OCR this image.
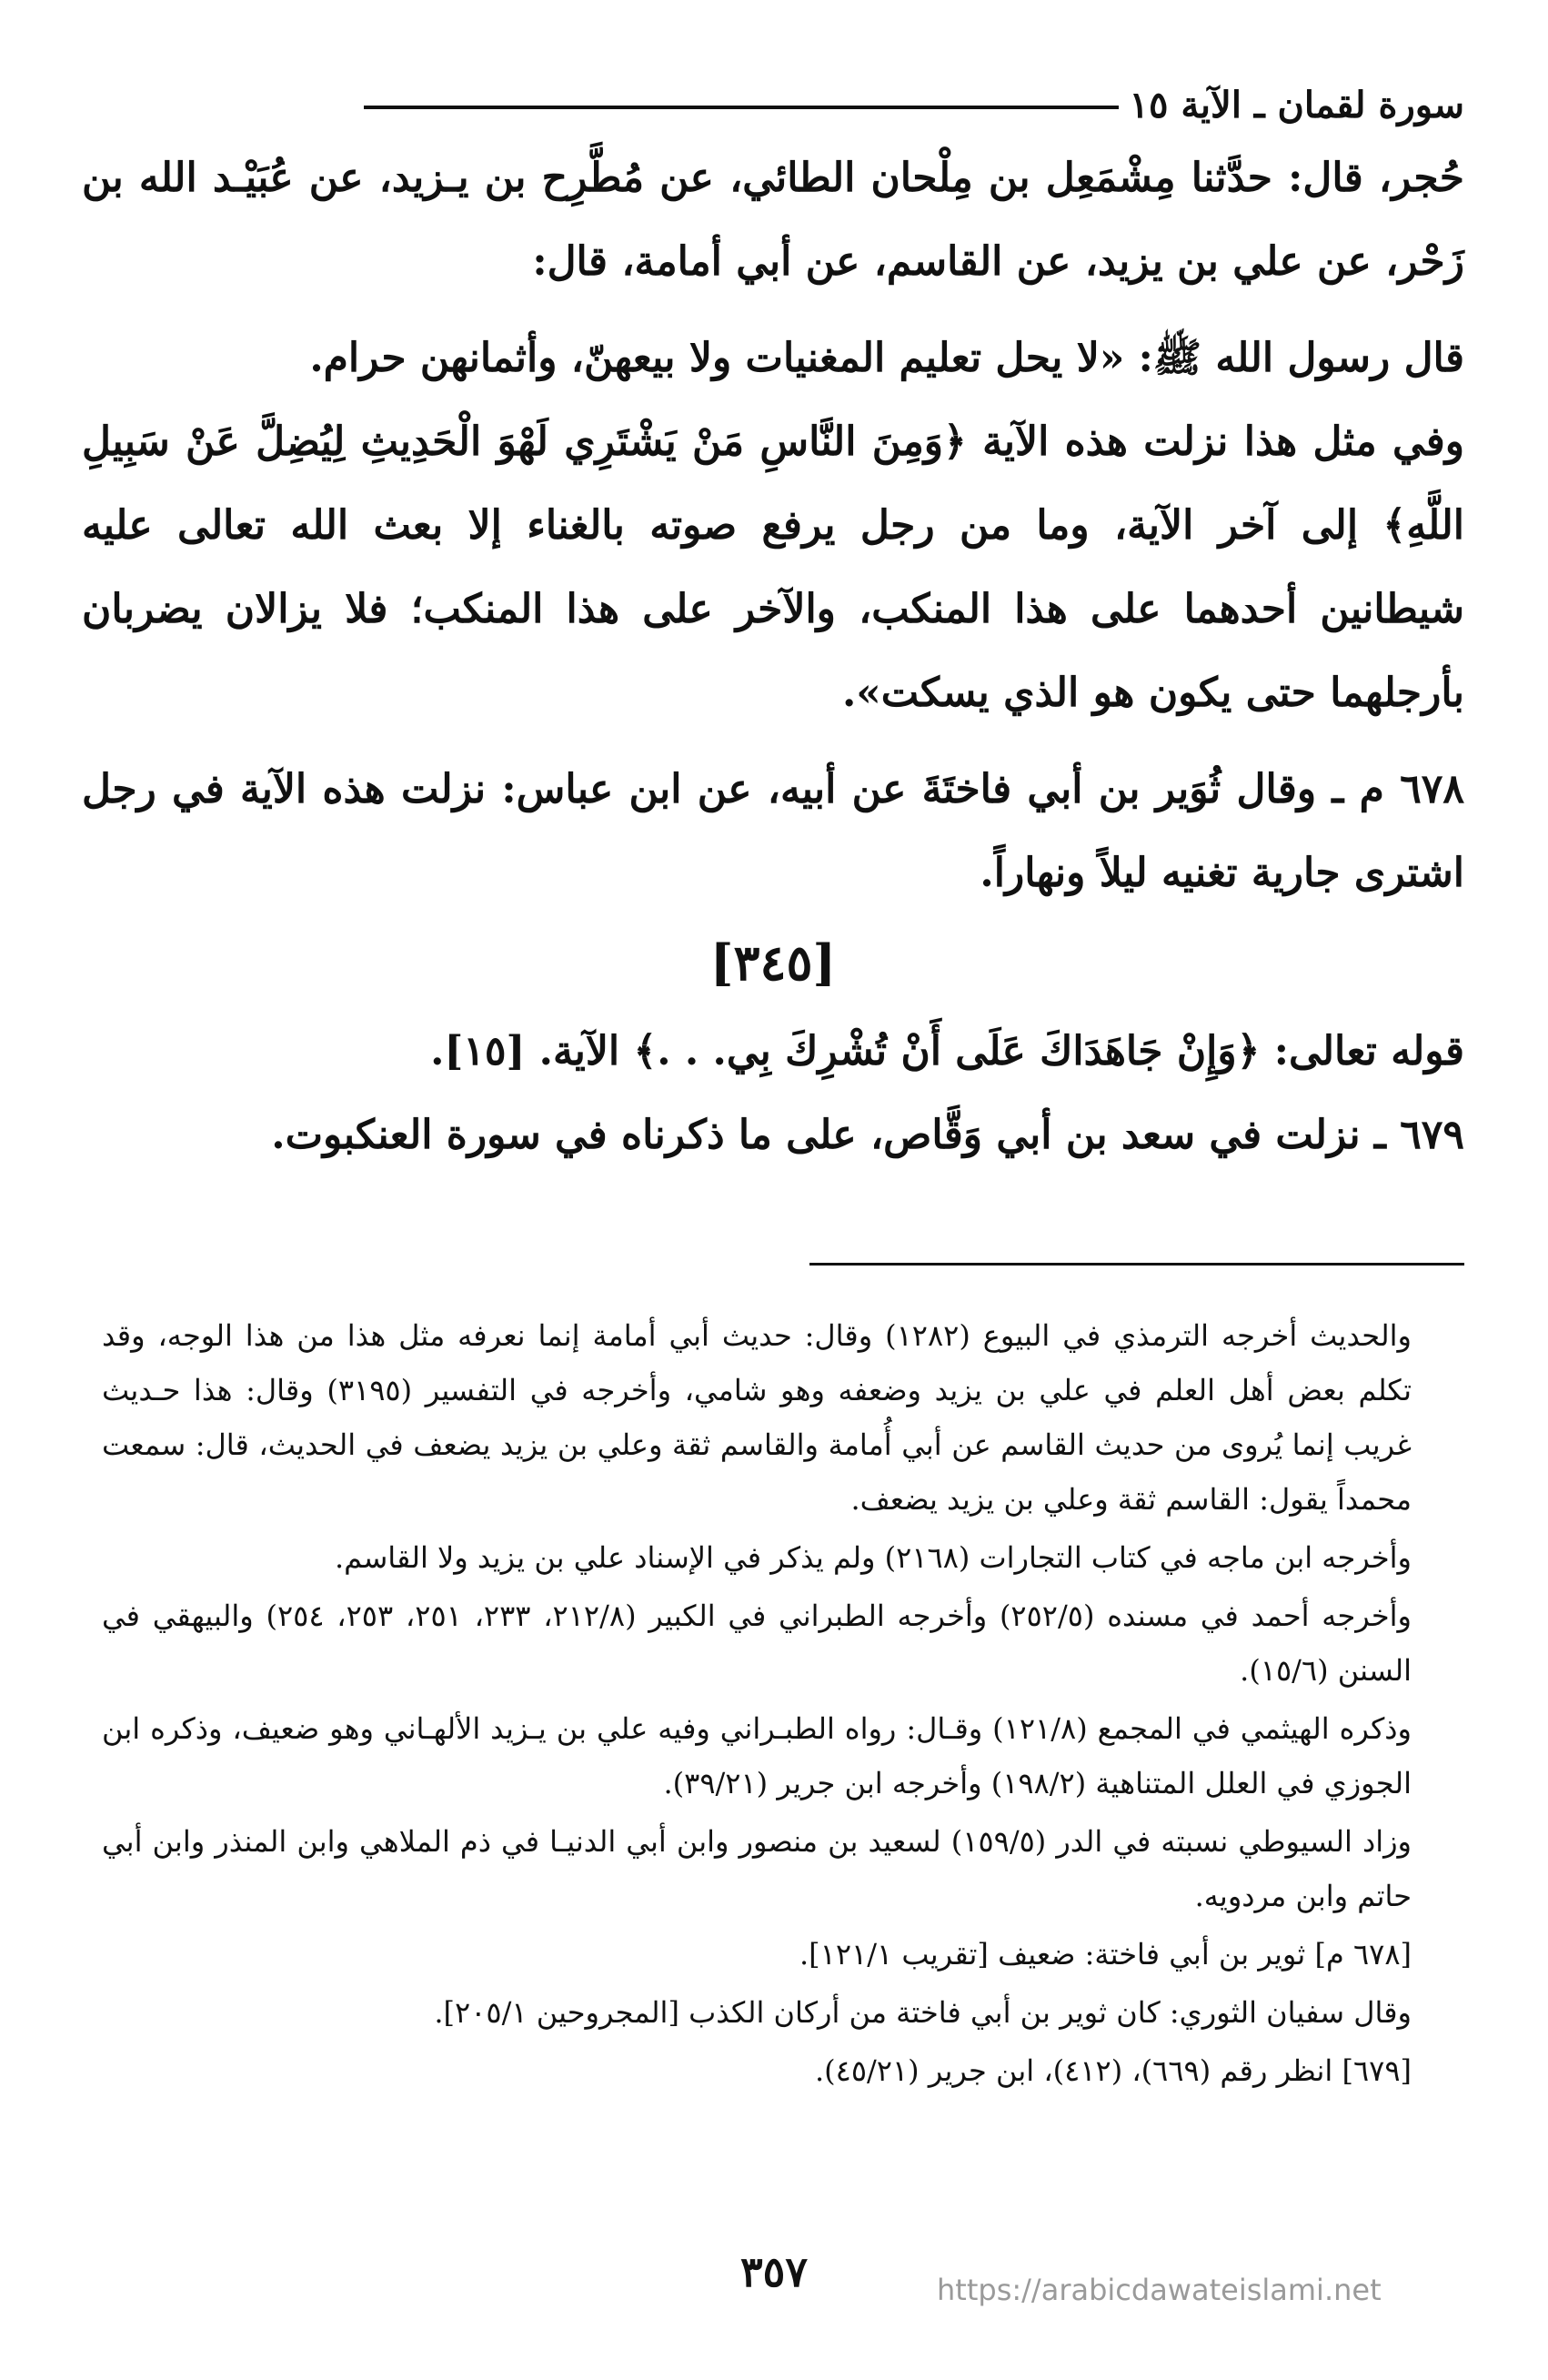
سورة لقمان ـ الآية ١٥

حُجر، قال: حدَّثنا مِشْمَعِل بن مِلْحان الطائي، عن مُطَّرِح بن يـزيد، عن عُبَيْـد الله بن زَحْر، عن علي بن يزيد، عن القاسم، عن أبي أمامة، قال:

قال رسول الله ﷺ: «لا يحل تعليم المغنيات ولا بيعهنّ، وأثمانهن حرام.

وفي مثل هذا نزلت هذه الآية ﴿وَمِنَ النَّاسِ مَنْ يَشْتَرِي لَهْوَ الْحَدِيثِ لِيُضِلَّ عَنْ سَبِيلِ اللَّهِ﴾ إلى آخر الآية، وما من رجل يرفع صوته بالغناء إلا بعث الله تعالى عليه شيطانين أحدهما على هذا المنكب، والآخر على هذا المنكب؛ فلا يزالان يضربان بأرجلهما حتى يكون هو الذي يسكت».

٦٧٨ م ـ وقال ثُوَير بن أبي فاختَةَ عن أبيه، عن ابن عباس: نزلت هذه الآية في رجل اشترى جارية تغنيه ليلاً ونهاراً.

[٣٤٥]

قوله تعالى: ﴿وَإِنْ جَاهَدَاكَ عَلَى أَنْ تُشْرِكَ بِي. . .﴾ الآية. [١٥].

٦٧٩ ـ نزلت في سعد بن أبي وَقَّاص، على ما ذكرناه في سورة العنكبوت.

والحديث أخرجه الترمذي في البيوع (١٢٨٢) وقال: حديث أبي أمامة إنما نعرفه مثل هذا من هذا الوجه، وقد تكلم بعض أهل العلم في علي بن يزيد وضعفه وهو شامي، وأخرجه في التفسير (٣١٩٥) وقال: هذا حـديث غريب إنما يُروى من حديث القاسم عن أبي أُمامة والقاسم ثقة وعلي بن يزيد يضعف في الحديث، قال: سمعت محمداً يقول: القاسم ثقة وعلي بن يزيد يضعف.

وأخرجه ابن ماجه في كتاب التجارات (٢١٦٨) ولم يذكر في الإسناد علي بن يزيد ولا القاسم.

وأخرجه أحمد في مسنده (٢٥٢/٥) وأخرجه الطبراني في الكبير (٢١٢/٨، ٢٣٣، ٢٥١، ٢٥٣، ٢٥٤) والبيهقي في السنن (١٥/٦).

وذكره الهيثمي في المجمع (١٢١/٨) وقـال: رواه الطبـراني وفيه علي بن يـزيد الألهـاني وهو ضعيف، وذكره ابن الجوزي في العلل المتناهية (١٩٨/٢) وأخرجه ابن جرير (٣٩/٢١).

وزاد السيوطي نسبته في الدر (١٥٩/٥) لسعيد بن منصور وابن أبي الدنيـا في ذم الملاهي وابن المنذر وابن أبي حاتم وابن مردويه.

[٦٧٨ م] ثوير بن أبي فاختة: ضعيف [تقريب ١٢١/١].

وقال سفيان الثوري: كان ثوير بن أبي فاختة من أركان الكذب [المجروحين ٢٠٥/١].

[٦٧٩] انظر رقم (٦٦٩)، (٤١٢)، ابن جرير (٤٥/٢١).

٣٥٧	https://arabicdawateislami.net
